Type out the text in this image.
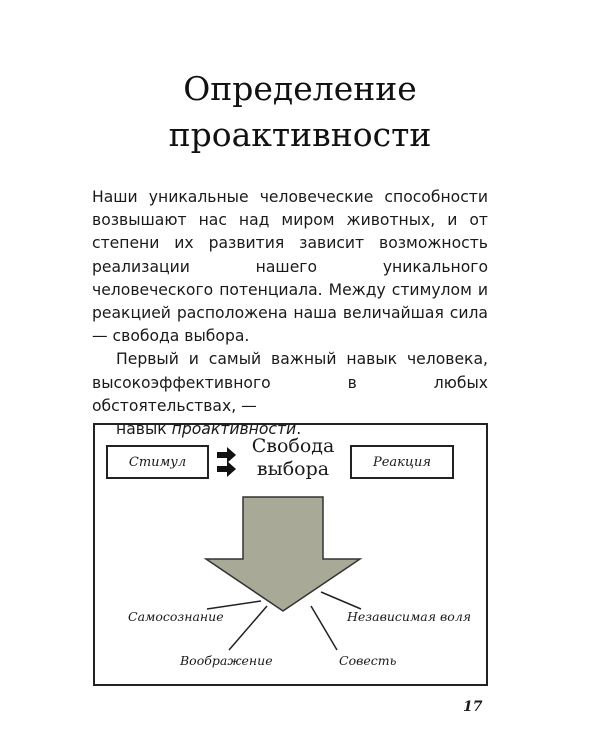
Определение
проактивности

Наши уникальные человеческие способности возвышают нас над миром животных, и от степени их развития зависит возможность реализации нашего уникального человеческого потенциала. Между стимулом и реакцией расположена наша величайшая сила — свобода выбора.

Первый и самый важный навык человека, высокоэффективного в любых обстоятельствах, —
навык проактивности.

Стимул
Свобода
выбора	Реакция
Самосознание
Воображение	Совесть
Независимая воля
17
